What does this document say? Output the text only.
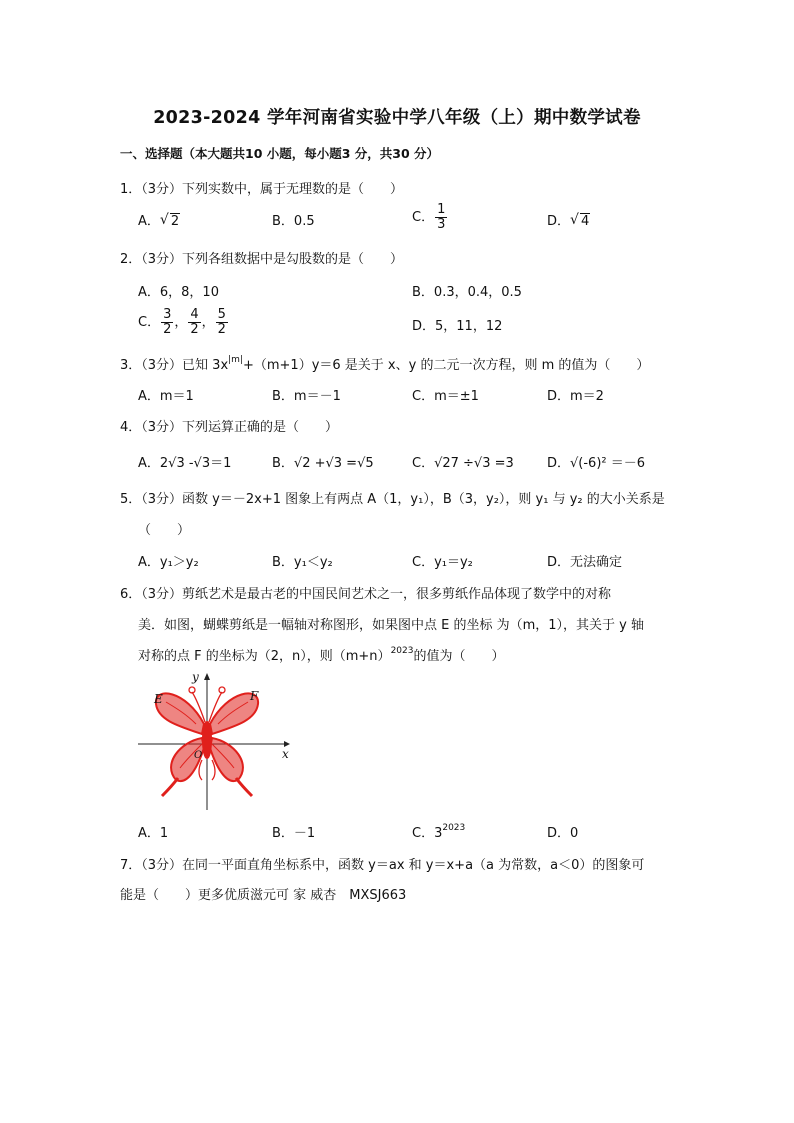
2023-2024 学年河南省实验中学八年级（上）期中数学试卷
一、选择题（本大题共10 小题，每小题3 分，共30 分）
1．（3分）下列实数中，属于无理数的是（　　）
A． √ 2	B．0.5	C． $\frac{1}{3}$	D． √ 4
2．（3分）下列各组数据中是勾股数的是（　　）
A．6，8，10	B．0.3，0.4，0.5
C． $\frac{3}{2}$ ， $\frac{4}{2}$ ， $\frac{5}{2}$	D．5，11，12
3．（3分）已知 $3x^{|m|}+(m+1)y=6$ 是关于 x、y 的二元一次方程，则 m 的值为（　　）
A．m＝1	B．m＝－1	C．m＝±1	D．m＝2
4．（3分）下列运算正确的是（　　）
A．2√3 -√3＝1	B．√2 +√3 =√5	C．√27 ÷√3 =3	D．√(-6)² ＝－6
5．（3分）函数 y＝－2x+1 图象上有两点 A（1，y₁），B（3，y₂），则 y₁ 与 y₂ 的大小关系是
（　　）
A．y₁＞y₂	B．y₁＜y₂	C．y₁＝y₂	D．无法确定
6．（3分）剪纸艺术是最古老的中国民间艺术之一，很多剪纸作品体现了数学中的对称
美．如图，蝴蝶剪纸是一幅轴对称图形，如果图中点 E 的坐标 为（m，1），其关于 y 轴
对称的点 F 的坐标为（2，n），则$(m+n)^{2023}$的值为（　　）
E	F
x
y
O
A．1	B．－1	C．$3^{2023}$	D．0
7．（3分）在同一平面直角坐标系中，函数 y＝ax 和 y＝x+a（a 为常数，a＜0）的图象可
能是（　　）更多优质滋元可 家 威杏　MXSJ663
